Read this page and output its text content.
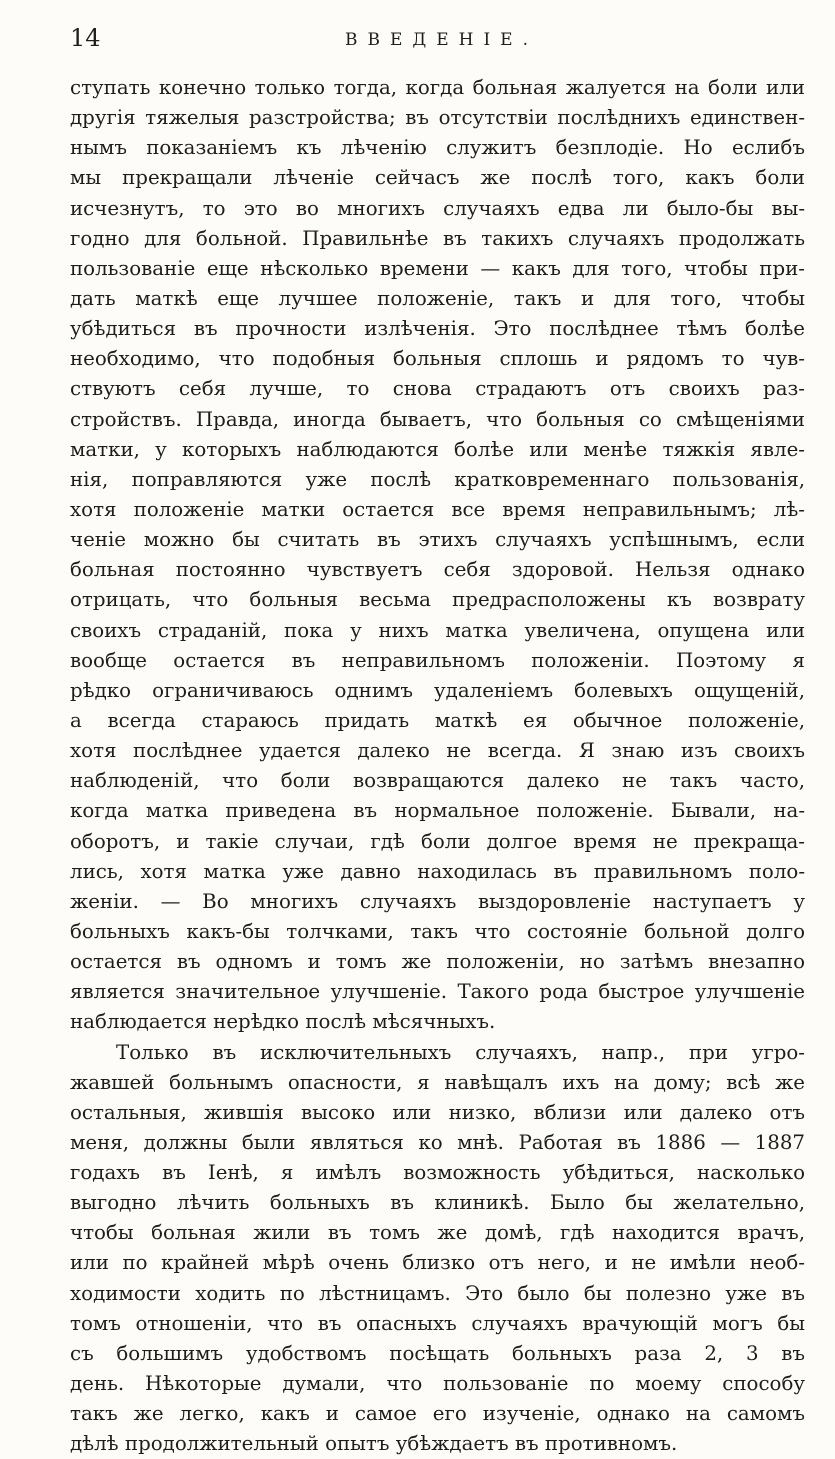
14	ВВЕДЕНІЕ.
ступать конечно только тогда, когда больная жалуется на боли или
другія тяжелыя разстройства; въ отсутствіи послѣднихъ единствен-
нымъ показаніемъ къ лѣченію служитъ безплодіе. Но еслибъ
мы прекращали лѣченіе сейчасъ же послѣ того, какъ боли
исчезнутъ, то это во многихъ случаяхъ едва ли было-бы вы-
годно для больной. Правильнѣе въ такихъ случаяхъ продолжать
пользованіе еще нѣсколько времени — какъ для того, чтобы при-
дать маткѣ еще лучшее положеніе, такъ и для того, чтобы
убѣдиться въ прочности излѣченія. Это послѣднее тѣмъ болѣе
необходимо, что подобныя больныя сплошь и рядомъ то чув-
ствуютъ себя лучше, то снова страдаютъ отъ своихъ раз-
стройствъ. Правда, иногда бываетъ, что больныя со смѣщеніями
матки, у которыхъ наблюдаются болѣе или менѣе тяжкія явле-
нія, поправляются уже послѣ кратковременнаго пользованія,
хотя положеніе матки остается все время неправильнымъ; лѣ-
ченіе можно бы считать въ этихъ случаяхъ успѣшнымъ, если
больная постоянно чувствуетъ себя здоровой. Нельзя однако
отрицать, что больныя весьма предрасположены къ возврату
своихъ страданій, пока у нихъ матка увеличена, опущена или
вообще остается въ неправильномъ положеніи. Поэтому я
рѣдко ограничиваюсь однимъ удаленіемъ болевыхъ ощущеній,
а всегда стараюсь придать маткѣ ея обычное положеніе,
хотя послѣднее удается далеко не всегда. Я знаю изъ своихъ
наблюденій, что боли возвращаются далеко не такъ часто,
когда матка приведена въ нормальное положеніе. Бывали, на-
оборотъ, и такіе случаи, гдѣ боли долгое время не прекраща-
лись, хотя матка уже давно находилась въ правильномъ поло-
женіи. — Во многихъ случаяхъ выздоровленіе наступаетъ у
больныхъ какъ-бы толчками, такъ что состояніе больной долго
остается въ одномъ и томъ же положеніи, но затѣмъ внезапно
является значительное улучшеніе. Такого рода быстрое улучшеніе
наблюдается нерѣдко послѣ мѣсячныхъ.
Только въ исключительныхъ случаяхъ, напр., при угро-
жавшей больнымъ опасности, я навѣщалъ ихъ на дому; всѣ же
остальныя, жившія высоко или низко, вблизи или далеко отъ
меня, должны были являться ко мнѣ. Работая въ 1886 — 1887
годахъ въ Іенѣ, я имѣлъ возможность убѣдиться, насколько
выгодно лѣчить больныхъ въ клиникѣ. Было бы желательно,
чтобы больная жили въ томъ же домѣ, гдѣ находится врачъ,
или по крайней мѣрѣ очень близко отъ него, и не имѣли необ-
ходимости ходить по лѣстницамъ. Это было бы полезно уже въ
томъ отношеніи, что въ опасныхъ случаяхъ врачующій могъ бы
съ большимъ удобствомъ посѣщать больныхъ раза 2, 3 въ
день. Нѣкоторые думали, что пользованіе по моему способу
такъ же легко, какъ и самое его изученіе, однако на самомъ
дѣлѣ продолжительный опытъ убѣждаетъ въ противномъ.
